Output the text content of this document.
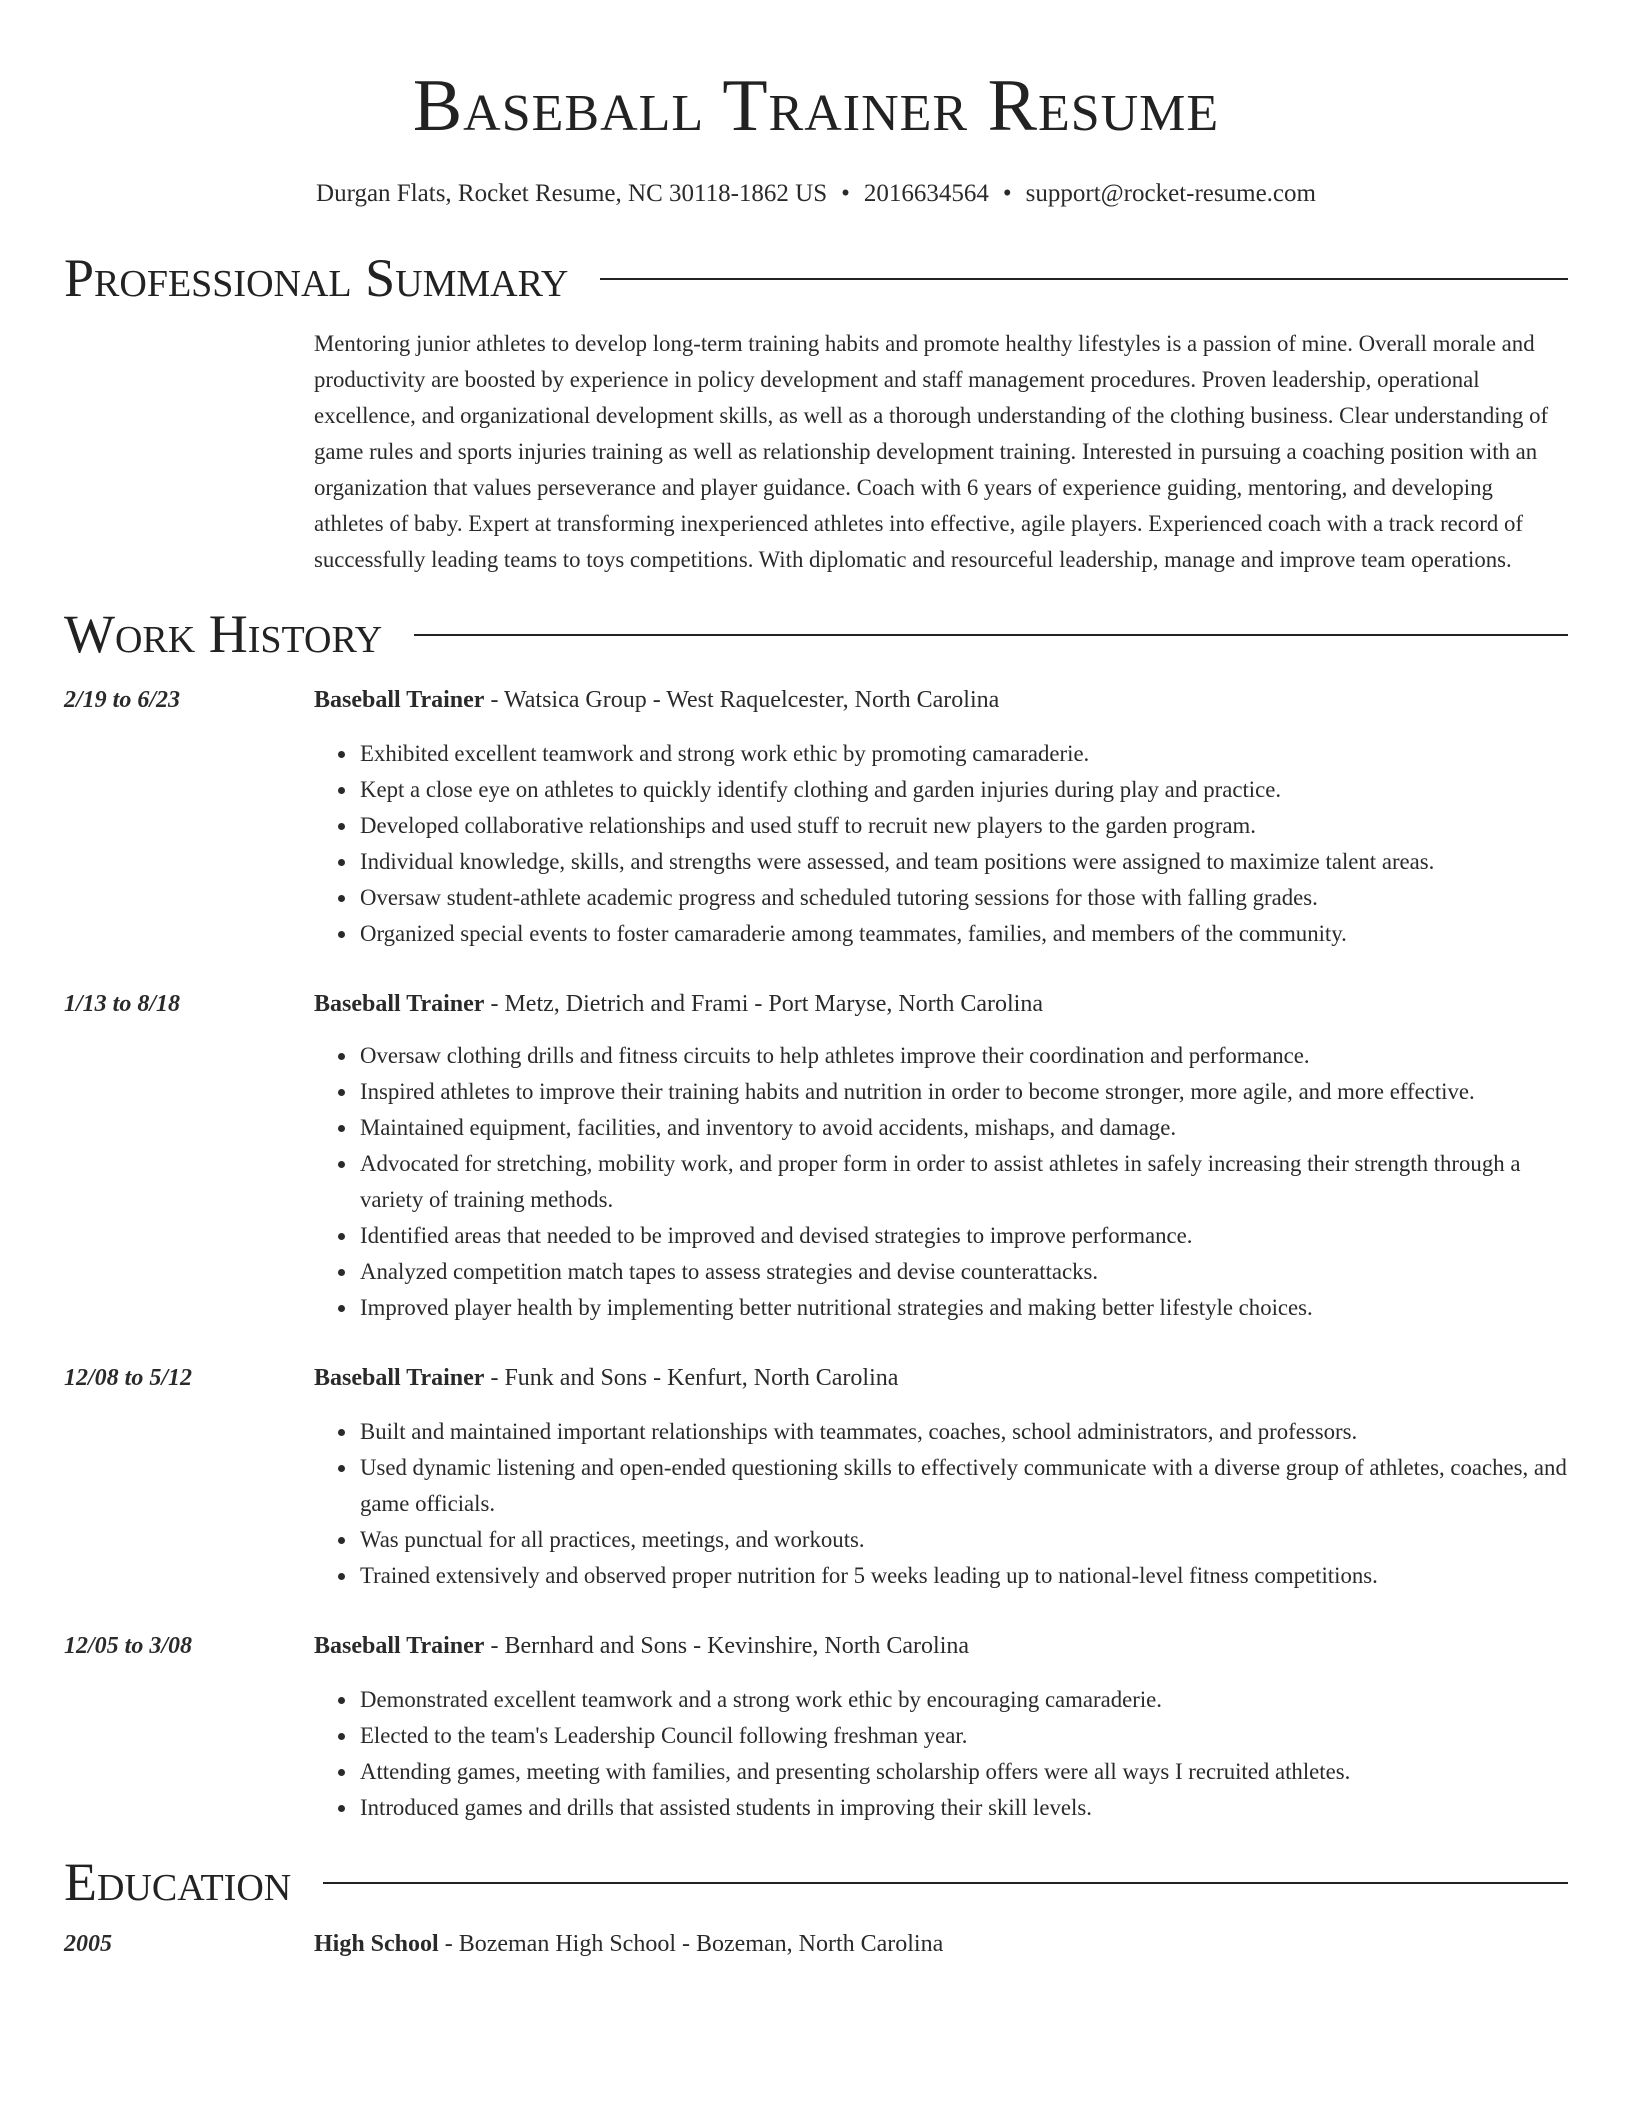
Baseball Trainer Resume
Durgan Flats, Rocket Resume, NC 30118-1862 US • 2016634564 • support@rocket-resume.com
Professional Summary
Mentoring junior athletes to develop long-term training habits and promote healthy lifestyles is a passion of mine. Overall morale and productivity are boosted by experience in policy development and staff management procedures. Proven leadership, operational excellence, and organizational development skills, as well as a thorough understanding of the clothing business. Clear understanding of game rules and sports injuries training as well as relationship development training. Interested in pursuing a coaching position with an organization that values perseverance and player guidance. Coach with 6 years of experience guiding, mentoring, and developing athletes of baby. Expert at transforming inexperienced athletes into effective, agile players. Experienced coach with a track record of successfully leading teams to toys competitions. With diplomatic and resourceful leadership, manage and improve team operations.
Work History
2/19 to 6/23	Baseball Trainer - Watsica Group - West Raquelcester, North Carolina
• Exhibited excellent teamwork and strong work ethic by promoting camaraderie.
• Kept a close eye on athletes to quickly identify clothing and garden injuries during play and practice.
• Developed collaborative relationships and used stuff to recruit new players to the garden program.
• Individual knowledge, skills, and strengths were assessed, and team positions were assigned to maximize talent areas.
• Oversaw student-athlete academic progress and scheduled tutoring sessions for those with falling grades.
• Organized special events to foster camaraderie among teammates, families, and members of the community.
1/13 to 8/18	Baseball Trainer - Metz, Dietrich and Frami - Port Maryse, North Carolina
• Oversaw clothing drills and fitness circuits to help athletes improve their coordination and performance.
• Inspired athletes to improve their training habits and nutrition in order to become stronger, more agile, and more effective.
• Maintained equipment, facilities, and inventory to avoid accidents, mishaps, and damage.
• Advocated for stretching, mobility work, and proper form in order to assist athletes in safely increasing their strength through a variety of training methods.
• Identified areas that needed to be improved and devised strategies to improve performance.
• Analyzed competition match tapes to assess strategies and devise counterattacks.
• Improved player health by implementing better nutritional strategies and making better lifestyle choices.
12/08 to 5/12	Baseball Trainer - Funk and Sons - Kenfurt, North Carolina
• Built and maintained important relationships with teammates, coaches, school administrators, and professors.
• Used dynamic listening and open-ended questioning skills to effectively communicate with a diverse group of athletes, coaches, and game officials.
• Was punctual for all practices, meetings, and workouts.
• Trained extensively and observed proper nutrition for 5 weeks leading up to national-level fitness competitions.
12/05 to 3/08	Baseball Trainer - Bernhard and Sons - Kevinshire, North Carolina
• Demonstrated excellent teamwork and a strong work ethic by encouraging camaraderie.
• Elected to the team's Leadership Council following freshman year.
• Attending games, meeting with families, and presenting scholarship offers were all ways I recruited athletes.
• Introduced games and drills that assisted students in improving their skill levels.
Education
2005	High School - Bozeman High School - Bozeman, North Carolina
